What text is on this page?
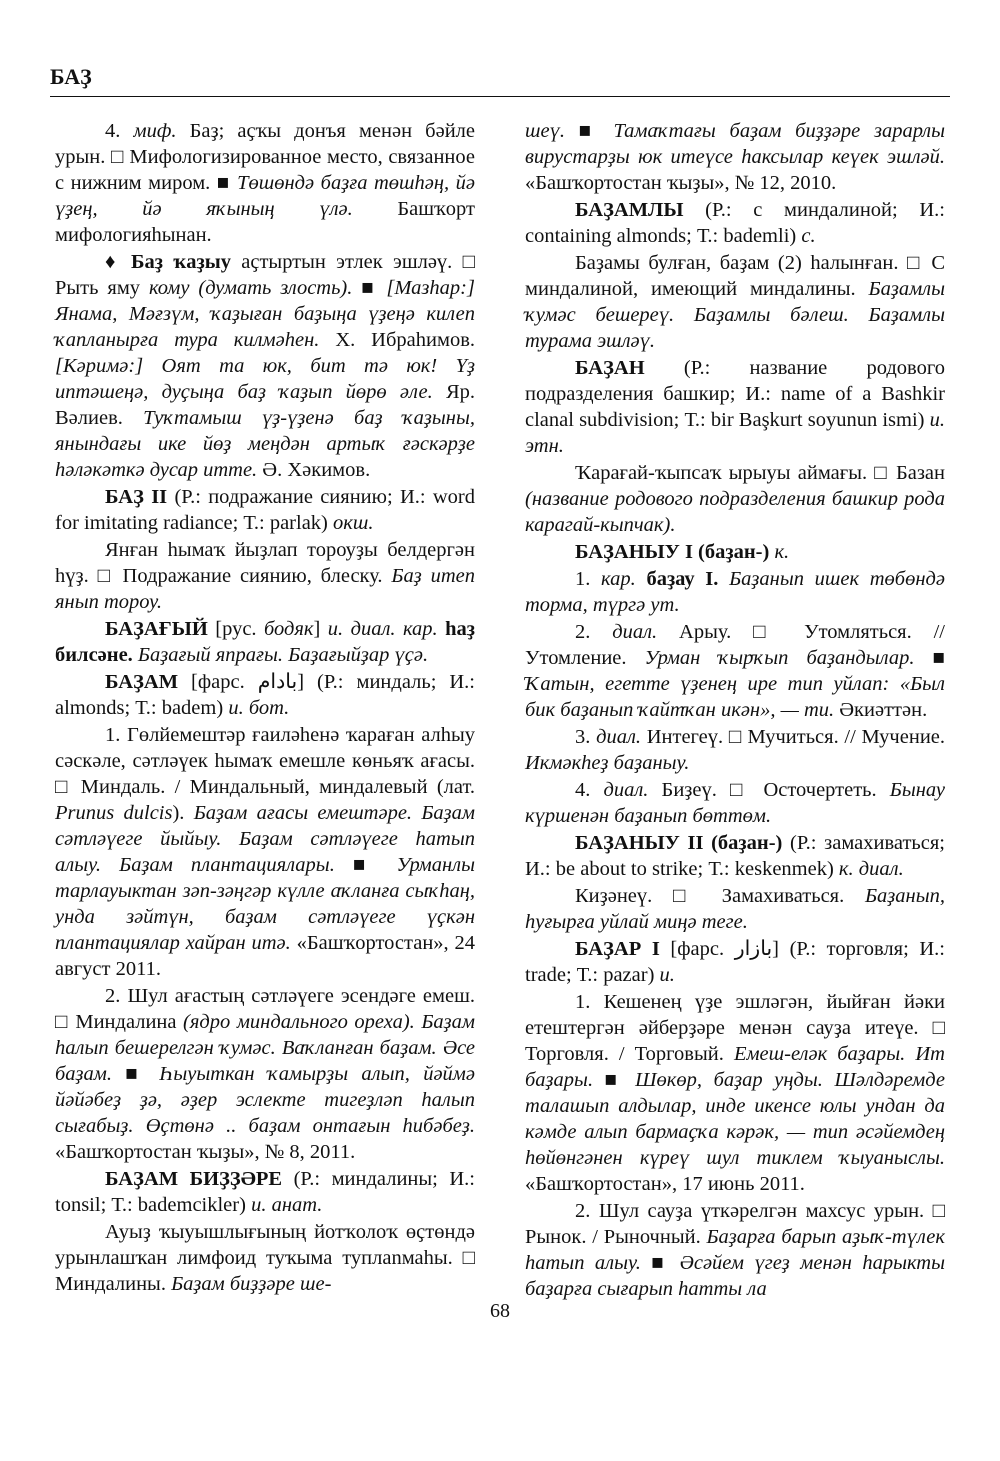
БАҘ

4. миф. Баҙ; аҫҡы донъя менән бәйле урын. □ Мифологизированное место, связанное с нижним миром. ■ Төшөндә баҙға төшһәң, йә үҙең, йә яҡының үлә. Башҡорт мифологияһынан.

♦ Баҙ ҡаҙыу аҫтыртын этлек эшләү. □ Рыть яму кому (думать злость). ■ [Мазһар:] Янама, Мәғзүм, ҡаҙыған баҙыңа үҙеңә килеп ҡапланырға тура килмәһен. Х. Ибраһимов. [Кәримә:] Оят та юк, бит тә юк! Үҙ иптәшеңә, дуҫыңа баҙ ҡаҙып йөрө әле. Яр. Вәлиев. Туҡтамыш үҙ-үҙенә баҙ ҡаҙыны, янындағы ике йөҙ меңдән артыҡ ғәскәрҙе һәләкәткә дусар итте. Ә. Хәкимов.

БАҘ II (Р.: подражание сиянию; И.: word for imitating radiance; Т.: parlak) окш.

Янған һымаҡ йыҙлап тороуҙы белдергән һүҙ. □ Подражание сиянию, блеску. Баҙ итеп янып тороу.

БАҘАҒЫЙ [рус. бодяк] и. диал. кар. һаҙ билсәне. Баҙағый япрағы. Баҙағыйҙар үҫә.

БАҘАМ [фарс. بادام] (Р.: миндаль; И.: almonds; Т.: badem) и. бот.

1. Гөлйемештәр ғаиләһенә ҡараған алһыу сәскәле, сәтләүек һымаҡ емешле көньяҡ ағасы. □ Миндаль. / Миндальный, миндалевый (лат. Prunus dulcis). Баҙам ағасы емештәре. Баҙам сәтләүеге йыйыу. Баҙам сәтләүеге һатып алыу. Баҙам плантациялары. ■ Урманлы тарлауыктан зәп-зәңгәр күлле аҡланға сыҡһаң, унда зәйтүн, баҙам сәтләүеге үҫкән плантациялар хайран итә. «Башҡортостан», 24 август 2011.

2. Шул ағастың сәтләүеге эсендәге емеш. □ Миндалина (ядро миндального ореха). Баҙам һалып бешерелгән ҡумәс. Ваҡланған баҙам. Әсе баҙам. ■ Һыуыткан ҡамырҙы алып, йәймә йәйәбеҙ ҙә, әҙер эслекте тигеҙләп һалып сығабыҙ. Өҫтөнә .. баҙам онтағын һибәбеҙ. «Башҡортостан ҡыҙы», № 8, 2011.

БАҘАМ БИҘҘӘРЕ (Р.: миндалины; И.: tonsil; Т.: bademcikler) и. анат.

Ауыҙ ҡыуышлығының йотҡолоҡ өҫтөндә урынлашҡан лимфоид туҡыма туплanмаһы. □ Миндалины. Баҙам биҙҙәре ше-

шеү. ■ Тамаҡтағы баҙам биҙҙәре зарарлы вирустарҙы юк итеүсе һаксылар кеүек эшләй. «Башҡортостан ҡыҙы», № 12, 2010.

БАҘАМЛЫ (Р.: с миндалиной; И.: containing almonds; Т.: bademli) с.

Баҙамы булған, баҙам (2) һалынған. □ С миндалиной, имеющий миндалины. Баҙамлы ҡумәс бешереү. Баҙамлы бәлеш. Баҙамлы турама эшләү.

БАҘАН (Р.: название родового подразделения башкир; И.: name of a Bashkir clanal subdivision; Т.: bir Başkurt soyunun ismi) и. этн.

Ҡарағай-ҡыпсаҡ ырыуы аймағы. □ Базан (название родового подразделения башкир рода карагай-кыпчак).

БАҘАНЫУ I (баҙан-) к.

1. кар. баҙау I. Баҙанып ишек төбөндә торма, түргә ут.

2. диал. Арыу. □ Утомляться. // Утомление. Урман ҡырҡып баҙандылар. ■ Ҡатын, егетте үҙенең ире тип уйлап: «Был бик баҙанып ҡайтҡан икән», — ти. Әкиәттән.

3. диал. Интегеү. □ Мучиться. // Мучение. Икмәкһеҙ баҙаныу.

4. диал. Биҙеү. □ Осточертеть. Бынау күршенән баҙанып бөттөм.

БАҘАНЫУ II (баҙан-) (Р.: замахиваться; И.: be about to strike; Т.: keskenmek) к. диал.

Киҙәнеү. □ Замахиваться. Баҙанып, һуғырға уйлай миңә теге.

БАҘАР I [фарс. بازار] (Р.: торговля; И.: trade; Т.: pazar) и.

1. Кешенең үҙе эшләгән, йыйған йәки етештергән әйберҙәре менән сауҙа итеүе. □ Торговля. / Торговый. Емеш-еләк баҙары. Ит баҙары. ■ Шөкөр, баҙар уңды. Шәлдәремде талашып алдылар, инде икенсе юлы ундан да кәмде алып бармаҫҡа кәрәк, — тип әсәйемдең һөйөнгәнен күреү шул тиклем ҡыуаныслы. «Башҡортостан», 17 июнь 2011.

2. Шул сауҙа үткәрелгән махсус урын. □ Рынок. / Рыночный. Баҙарға барып аҙыҡ-түлек һатып алыу. ■ Әсәйем үгеҙ менән һарыкты баҙарға сығарып һатты ла

68
